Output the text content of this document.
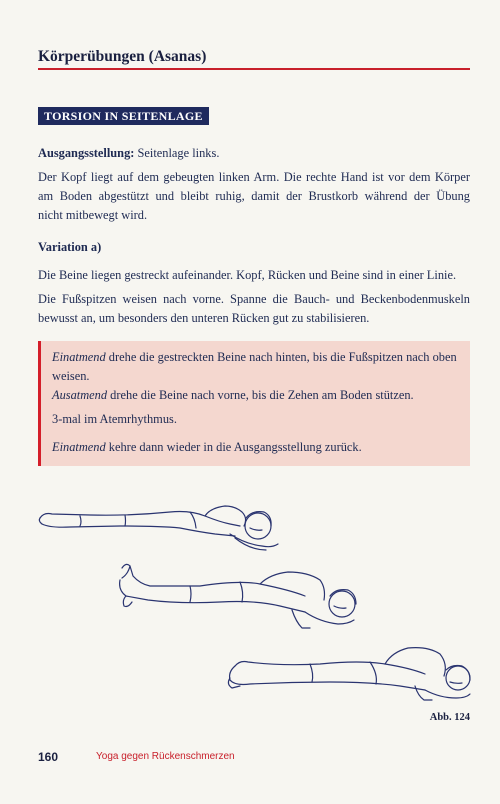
Körperübungen (Asanas)
TORSION IN SEITENLAGE
Ausgangsstellung: Seitenlage links.
Der Kopf liegt auf dem gebeugten linken Arm. Die rechte Hand ist vor dem Körper
am Boden abgestützt und bleibt ruhig, damit der Brustkorb während der Übung
nicht mitbewegt wird.
Variation a)
Die Beine liegen gestreckt aufeinander. Kopf, Rücken und Beine sind in einer Linie.
Die Fußspitzen weisen nach vorne. Spanne die Bauch- und Beckenbodenmuskeln
bewusst an, um besonders den unteren Rücken gut zu stabilisieren.
Einatmend drehe die gestreckten Beine nach hinten, bis die Fußspitzen nach oben
weisen.
Ausatmend drehe die Beine nach vorne, bis die Zehen am Boden stützen.
3-mal im Atemrhythmus.
Einatmend kehre dann wieder in die Ausgangsstellung zurück.
Abb. 124
160	Yoga gegen Rückenschmerzen
